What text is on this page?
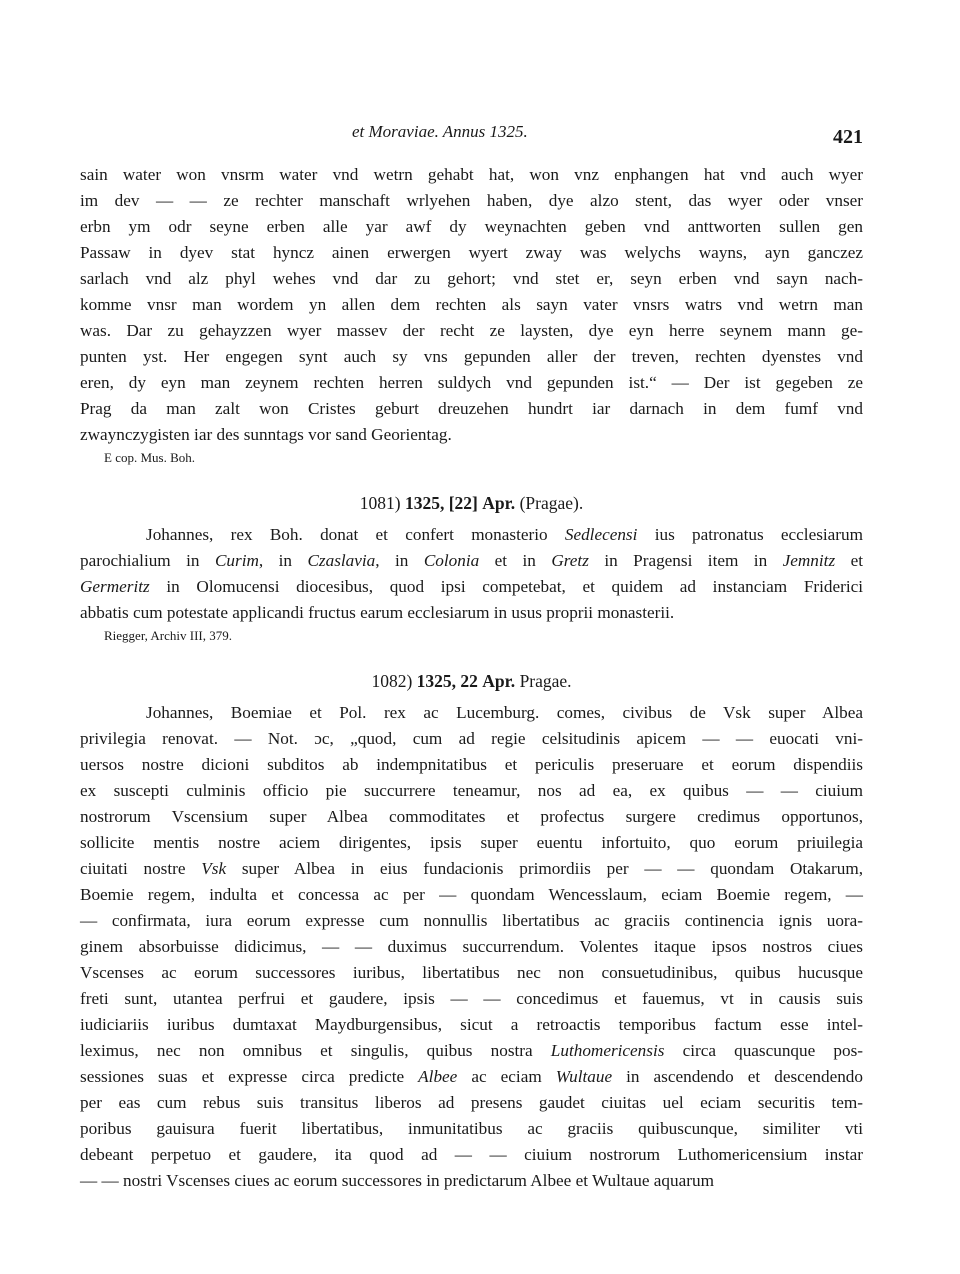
et Moraviae. Annus 1325.	421
sain water won vnsrm water vnd wetrn gehabt hat, won vnz enphangen hat vnd auch wyer
im dev — — ze rechter manschaft wrlyehen haben, dye alzo stent, das wyer oder vnser
erbn ym odr seyne erben alle yar awf dy weynachten geben vnd anttworten sullen gen
Passaw in dyev stat hyncz ainen erwergen wyert zway was welychs wayns, ayn ganczez
sarlach vnd alz phyl wehes vnd dar zu gehort; vnd stet er, seyn erben vnd sayn nach-
komme vnsr man wordem yn allen dem rechten als sayn vater vnsrs watrs vnd wetrn man
was. Dar zu gehayzzen wyer massev der recht ze laysten, dye eyn herre seynem mann ge-
punten yst. Her engegen synt auch sy vns gepunden aller der treven, rechten dyenstes vnd
eren, dy eyn man zeynem rechten herren suldych vnd gepunden ist.“ — Der ist gegeben ze
Prag da man zalt won Cristes geburt dreuzehen hundrt iar darnach in dem fumf vnd
zwaynczygisten iar des sunntags vor sand Georientag.

E cop. Mus. Boh.

1081) 1325, [22] Apr. (Pragae).

Johannes, rex Boh. donat et confert monasterio Sedlecensi ius patronatus ecclesiarum
parochialium in Curim, in Czaslavia, in Colonia et in Gretz in Pragensi item in Jemnitz et
Germeritz in Olomucensi diocesibus, quod ipsi competebat, et quidem ad instanciam Friderici
abbatis cum potestate applicandi fructus earum ecclesiarum in usus proprii monasterii.

Riegger, Archiv III, 379.

1082) 1325, 22 Apr. Pragae.

Johannes, Boemiae et Pol. rex ac Lucemburg. comes, civibus de Vsk super Albea
privilegia renovat. — Not. ɔc, „quod, cum ad regie celsitudinis apicem — — euocati vni-
uersos nostre dicioni subditos ab indempnitatibus et periculis preseruare et eorum dispendiis
ex suscepti culminis officio pie succurrere teneamur, nos ad ea, ex quibus — — ciuium
nostrorum Vscensium super Albea commoditates et profectus surgere credimus opportunos,
sollicite mentis nostre aciem dirigentes, ipsis super euentu infortuito, quo eorum priuilegia
ciuitati nostre Vsk super Albea in eius fundacionis primordiis per — — quondam Otakarum,
Boemie regem, indulta et concessa ac per — quondam Wencesslaum, eciam Boemie regem, —
— confirmata, iura eorum expresse cum nonnullis libertatibus ac graciis continencia ignis uora-
ginem absorbuisse didicimus, — — duximus succurrendum. Volentes itaque ipsos nostros ciues
Vscenses ac eorum successores iuribus, libertatibus nec non consuetudinibus, quibus hucusque
freti sunt, utantea perfrui et gaudere, ipsis — — concedimus et fauemus, vt in causis suis
iudiciariis iuribus dumtaxat Maydburgensibus, sicut a retroactis temporibus factum esse intel-
leximus, nec non omnibus et singulis, quibus nostra Luthomericensis circa quascunque pos-
sessiones suas et expresse circa predicte Albee ac eciam Wultaue in ascendendo et descendendo
per eas cum rebus suis transitus liberos ad presens gaudet ciuitas uel eciam securitis tem-
poribus gauisura fuerit libertatibus, inmunitatibus ac graciis quibuscunque, similiter vti
debeant perpetuo et gaudere, ita quod ad — — ciuium nostrorum Luthomericensium instar
— — nostri Vscenses ciues ac eorum successores in predictarum Albee et Wultaue aquarum
